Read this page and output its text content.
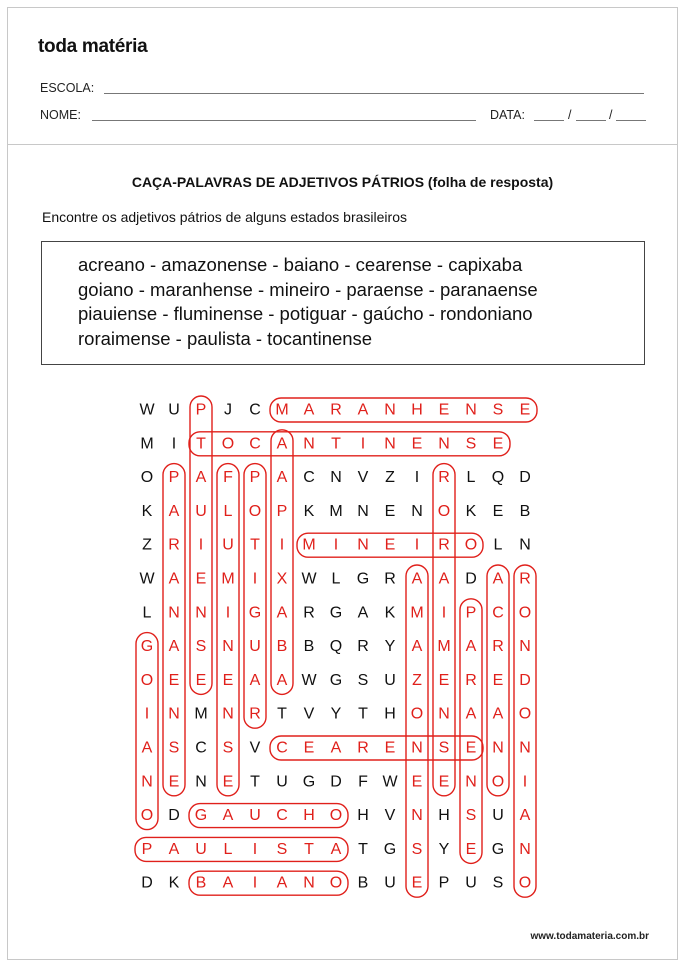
toda matéria
ESCOLA:
NOME:	DATA:	/	/
CAÇA-PALAVRAS DE ADJETIVOS PÁTRIOS (folha de resposta)
Encontre os adjetivos pátrios de alguns estados brasileiros
acreano - amazonense - baiano - cearense - capixaba
goiano - maranhense - mineiro - paraense - paranaense
piauiense - fluminense - potiguar - gaúcho - rondoniano
roraimense - paulista - tocantinense
W U P J C M A R A N H E N S E
M I T O C A N T I N E N S E
O P A F P A C N V Z I R L Q D
K A U L O P K M N E N O K E B
Z R I U T I M I N E I R O L N
W A E M I X W L G R A A D A R
L N N I G A R G A K M I P C O
G A S N U B B Q R Y A M A R N
O E E E A A W G S U Z E R E D
I N M N R T V Y T H O N A A O
A S C S V C E A R E N S E N N
N E N E T U G D F W E E N O I
O D G A U C H O H V N H S U A
P A U L I S T A T G S Y E G N
D K B A I A N O B U E P U S O
www.todamateria.com.br
